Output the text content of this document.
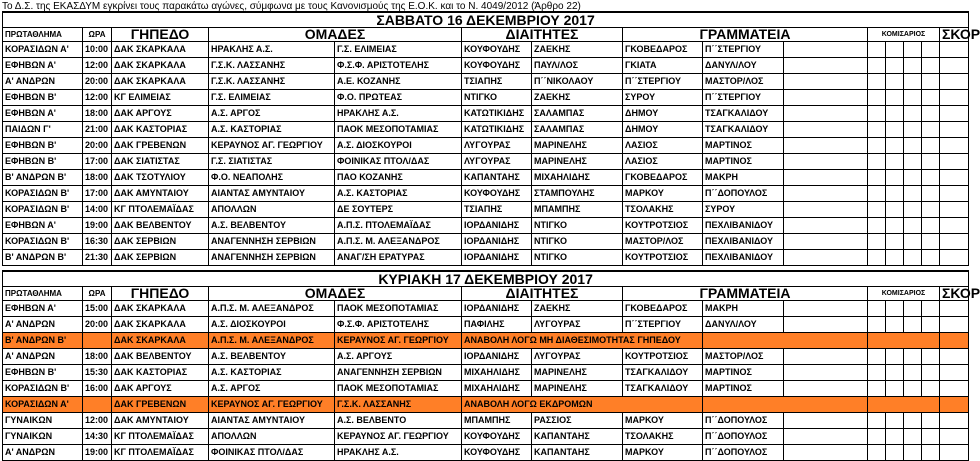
Το Δ.Σ. της ΕΚΑΣΔΥΜ εγκρίνει τους παρακάτω αγώνες, σύμφωνα με τους Κανονισμούς της Ε.Ο.Κ. και το Ν. 4049/2012 (Άρθρο 22)
ΣΑΒΒΑΤΟ 16 ΔΕΚΕΜΒΡΙΟΥ 2017														
ΠΡΩΤΑΘΛΗΜΑ	ΩΡΑ	ΓΗΠΕΔΟ	ΟΜΑΔΕΣ		ΔΙΑΙΤΗΤΕΣ		ΓΡΑΜΜΑΤΕΙΑ			ΚΟΜΙΣΑΡΙΟΣ				ΣΚΟΡ
ΚΟΡΑΣΙΔΩΝ Α'	10:00	ΔΑΚ ΣΚΑΡΚΑΛΑ	ΗΡΑΚΛΗΣ Α.Σ.	Γ.Σ. ΕΛΙΜΕΙΑΣ	ΚΟΥΦΟΥΔΗΣ	ΖΑΕΚΗΣ	ΓΚΟΒΕΔΑΡΟΣ	Π΄΄ΣΤΕΡΓΙΟΥ						
ΕΦΗΒΩΝ Α'	12:00	ΔΑΚ ΣΚΑΡΚΑΛΑ	Γ.Σ.Κ. ΛΑΣΣΑΝΗΣ	Φ.Σ.Φ. ΑΡΙΣΤΟΤΕΛΗΣ	ΚΟΥΦΟΥΔΗΣ	ΠΑΥΛ/ΛΟΣ	ΓΚΙΑΤΑ	ΔΑΝΥΛ/ΛΟΥ						
Α' ΑΝΔΡΩΝ	20:00	ΔΑΚ ΣΚΑΡΚΑΛΑ	Γ.Σ.Κ. ΛΑΣΣΑΝΗΣ	Α.Ε. ΚΟΖΑΝΗΣ	ΤΣΙΑΠΗΣ	Π΄΄ΝΙΚΟΛΑΟΥ	Π΄΄ΣΤΕΡΓΙΟΥ	ΜΑΣΤΟΡ/ΛΟΣ						
ΕΦΗΒΩΝ Β'	12:00	ΚΓ ΕΛΙΜΕΙΑΣ	Γ.Σ. ΕΛΙΜΕΙΑΣ	Φ.Ο. ΠΡΩΤΕΑΣ	ΝΤΙΓΚΟ	ΖΑΕΚΗΣ	ΣΥΡΟΥ	Π΄΄ΣΤΕΡΓΙΟΥ						
ΕΦΗΒΩΝ Α'	18:00	ΔΑΚ ΑΡΓΟΥΣ	Α.Σ. ΑΡΓΟΣ	ΗΡΑΚΛΗΣ Α.Σ.	ΚΑΤΩΤΙΚΙΔΗΣ	ΣΑΛΑΜΠΑΣ	ΔΗΜΟΥ	ΤΣΑΓΚΑΛΙΔΟΥ						
ΠΑΙΔΩΝ Γ'	21:00	ΔΑΚ ΚΑΣΤΟΡΙΑΣ	Α.Σ. ΚΑΣΤΟΡΙΑΣ	ΠΑΟΚ ΜΕΣΟΠΟΤΑΜΙΑΣ	ΚΑΤΩΤΙΚΙΔΗΣ	ΣΑΛΑΜΠΑΣ	ΔΗΜΟΥ	ΤΣΑΓΚΑΛΙΔΟΥ						
ΕΦΗΒΩΝ Β'	20:00	ΔΑΚ ΓΡΕΒΕΝΩΝ	ΚΕΡΑΥΝΟΣ ΑΓ. ΓΕΩΡΓΙΟΥ	Α.Σ. ΔΙΟΣΚΟΥΡΟΙ	ΛΥΓΟΥΡΑΣ	ΜΑΡΙΝΕΛΗΣ	ΛΑΣΙΟΣ	ΜΑΡΤΙΝΟΣ						
ΕΦΗΒΩΝ Β'	17:00	ΔΑΚ ΣΙΑΤΙΣΤΑΣ	Γ.Σ. ΣΙΑΤΙΣΤΑΣ	ΦΟΙΝΙΚΑΣ ΠΤΟΛ/ΔΑΣ	ΛΥΓΟΥΡΑΣ	ΜΑΡΙΝΕΛΗΣ	ΛΑΣΙΟΣ	ΜΑΡΤΙΝΟΣ						
Β' ΑΝΔΡΩΝ Β'	18:00	ΔΑΚ ΤΣΟΤΥΛΙΟΥ	Φ.Ο. ΝΕΑΠΟΛΗΣ	ΠΑΟ ΚΟΖΑΝΗΣ	ΚΑΠΑΝΤΑΗΣ	ΜΙΧΑΗΛΙΔΗΣ	ΓΚΟΒΕΔΑΡΟΣ	ΜΑΚΡΗ						
ΚΟΡΑΣΙΔΩΝ Β'	17:00	ΔΑΚ ΑΜΥΝΤΑΙΟΥ	ΑΙΑΝΤΑΣ ΑΜΥΝΤΑΙΟΥ	Α.Σ. ΚΑΣΤΟΡΙΑΣ	ΚΟΥΦΟΥΔΗΣ	ΣΤΑΜΠΟΥΛΗΣ	ΜΑΡΚΟΥ	Π΄΄ΔΟΠΟΥΛΟΣ						
ΚΟΡΑΣΙΔΩΝ Β'	14:00	ΚΓ ΠΤΟΛΕΜΑΪΔΑΣ	ΑΠΟΛΛΩΝ	ΔΕ ΣΟΥΤΕΡΣ	ΤΣΙΑΠΗΣ	ΜΠΑΜΠΗΣ	ΤΣΟΛΑΚΗΣ	ΣΥΡΟΥ						
ΕΦΗΒΩΝ Α'	19:00	ΔΑΚ ΒΕΛΒΕΝΤΟΥ	Α.Σ. ΒΕΛΒΕΝΤΟΥ	Α.Π.Σ. ΠΤΟΛΕΜΑΪΔΑΣ	ΙΟΡΔΑΝΙΔΗΣ	ΝΤΙΓΚΟ	ΚΟΥΤΡΟΤΣΙΟΣ	ΠΕΧΛΙΒΑΝΙΔΟΥ						
ΚΟΡΑΣΙΔΩΝ Β'	16:30	ΔΑΚ ΣΕΡΒΙΩΝ	ΑΝΑΓΕΝΝΗΣΗ ΣΕΡΒΙΩΝ	Α.Π.Σ. Μ. ΑΛΕΞΑΝΔΡΟΣ	ΙΟΡΔΑΝΙΔΗΣ	ΝΤΙΓΚΟ	ΜΑΣΤΟΡ/ΛΟΣ	ΠΕΧΛΙΒΑΝΙΔΟΥ						
Β' ΑΝΔΡΩΝ Β'	21:30	ΔΑΚ ΣΕΡΒΙΩΝ	ΑΝΑΓΕΝΝΗΣΗ ΣΕΡΒΙΩΝ	ΑΝΑΓ/ΣΗ ΕΡΑΤΥΡΑΣ	ΙΟΡΔΑΝΙΔΗΣ	ΝΤΙΓΚΟ	ΚΟΥΤΡΟΤΣΙΟΣ	ΠΕΧΛΙΒΑΝΙΔΟΥ						
ΚΥΡΙΑΚΗ 17 ΔΕΚΕΜΒΡΙΟΥ 2017														
ΠΡΩΤΑΘΛΗΜΑ	ΩΡΑ	ΓΗΠΕΔΟ	ΟΜΑΔΕΣ		ΔΙΑΙΤΗΤΕΣ		ΓΡΑΜΜΑΤΕΙΑ			ΚΟΜΙΣΑΡΙΟΣ				ΣΚΟΡ
ΕΦΗΒΩΝ Α'	15:00	ΔΑΚ ΣΚΑΡΚΑΛΑ	Α.Π.Σ. Μ. ΑΛΕΞΑΝΔΡΟΣ	ΠΑΟΚ ΜΕΣΟΠΟΤΑΜΙΑΣ	ΙΟΡΔΑΝΙΔΗΣ	ΖΑΕΚΗΣ	ΓΚΟΒΕΔΑΡΟΣ	ΜΑΚΡΗ						
Α' ΑΝΔΡΩΝ	20:00	ΔΑΚ ΣΚΑΡΚΑΛΑ	Α.Σ. ΔΙΟΣΚΟΥΡΟΙ	Φ.Σ.Φ. ΑΡΙΣΤΟΤΕΛΗΣ	ΠΑΦΙΛΗΣ	ΛΥΓΟΥΡΑΣ	Π΄΄ΣΤΕΡΓΙΟΥ	ΔΑΝΥΛ/ΛΟΥ						
Β' ΑΝΔΡΩΝ Β'		ΔΑΚ ΣΚΑΡΚΑΛΑ	Α.Π.Σ. Μ. ΑΛΕΞΑΝΔΡΟΣ	ΚΕΡΑΥΝΟΣ ΑΓ. ΓΕΩΡΓΙΟΥ	ΑΝΑΒΟΛΗ ΛΟΓΩ ΜΗ ΔΙΑΘΕΣΙΜΟΤΗΤΑΣ ΓΗΠΕΔΟΥ									
Α' ΑΝΔΡΩΝ	18:00	ΔΑΚ ΒΕΛΒΕΝΤΟΥ	Α.Σ. ΒΕΛΒΕΝΤΟΥ	Α.Σ. ΑΡΓΟΥΣ	ΙΟΡΔΑΝΙΔΗΣ	ΛΥΓΟΥΡΑΣ	ΚΟΥΤΡΟΤΣΙΟΣ	ΜΑΣΤΟΡ/ΛΟΣ						
ΕΦΗΒΩΝ Β'	15:30	ΔΑΚ ΚΑΣΤΟΡΙΑΣ	Α.Σ. ΚΑΣΤΟΡΙΑΣ	ΑΝΑΓΕΝΝΗΣΗ ΣΕΡΒΙΩΝ	ΜΙΧΑΗΛΙΔΗΣ	ΜΑΡΙΝΕΛΗΣ	ΤΣΑΓΚΑΛΙΔΟΥ	ΜΑΡΤΙΝΟΣ						
ΚΟΡΑΣΙΔΩΝ Β'	16:00	ΔΑΚ ΑΡΓΟΥΣ	Α.Σ. ΑΡΓΟΣ	ΠΑΟΚ ΜΕΣΟΠΟΤΑΜΙΑΣ	ΜΙΧΑΗΛΙΔΗΣ	ΜΑΡΙΝΕΛΗΣ	ΤΣΑΓΚΑΛΙΔΟΥ	ΜΑΡΤΙΝΟΣ						
ΚΟΡΑΣΙΔΩΝ Α'		ΔΑΚ ΓΡΕΒΕΝΩΝ	ΚΕΡΑΥΝΟΣ ΑΓ. ΓΕΩΡΓΙΟΥ	Γ.Σ.Κ. ΛΑΣΣΑΝΗΣ	ΑΝΑΒΟΛΗ ΛΟΓΩ ΕΚΔΡΟΜΩΝ									
ΓΥΝΑΙΚΩΝ	12:00	ΔΑΚ ΑΜΥΝΤΑΙΟΥ	ΑΙΑΝΤΑΣ ΑΜΥΝΤΑΙΟΥ	Α.Σ. ΒΕΛΒΕΝΤΟ	ΜΠΑΜΠΗΣ	ΡΑΣΣΙΟΣ	ΜΑΡΚΟΥ	Π΄΄ΔΟΠΟΥΛΟΣ						
ΓΥΝΑΙΚΩΝ	14:30	ΚΓ ΠΤΟΛΕΜΑΪΔΑΣ	ΑΠΟΛΛΩΝ	ΚΕΡΑΥΝΟΣ ΑΓ. ΓΕΩΡΓΙΟΥ	ΚΟΥΦΟΥΔΗΣ	ΚΑΠΑΝΤΑΗΣ	ΤΣΟΛΑΚΗΣ	Π΄΄ΔΟΠΟΥΛΟΣ						
Α' ΑΝΔΡΩΝ	19:00	ΚΓ ΠΤΟΛΕΜΑΪΔΑΣ	ΦΟΙΝΙΚΑΣ ΠΤΟΛ/ΔΑΣ	ΗΡΑΚΛΗΣ Α.Σ.	ΚΟΥΦΟΥΔΗΣ	ΚΑΠΑΝΤΑΗΣ	ΜΑΡΚΟΥ	Π΄΄ΔΟΠΟΥΛΟΣ						
